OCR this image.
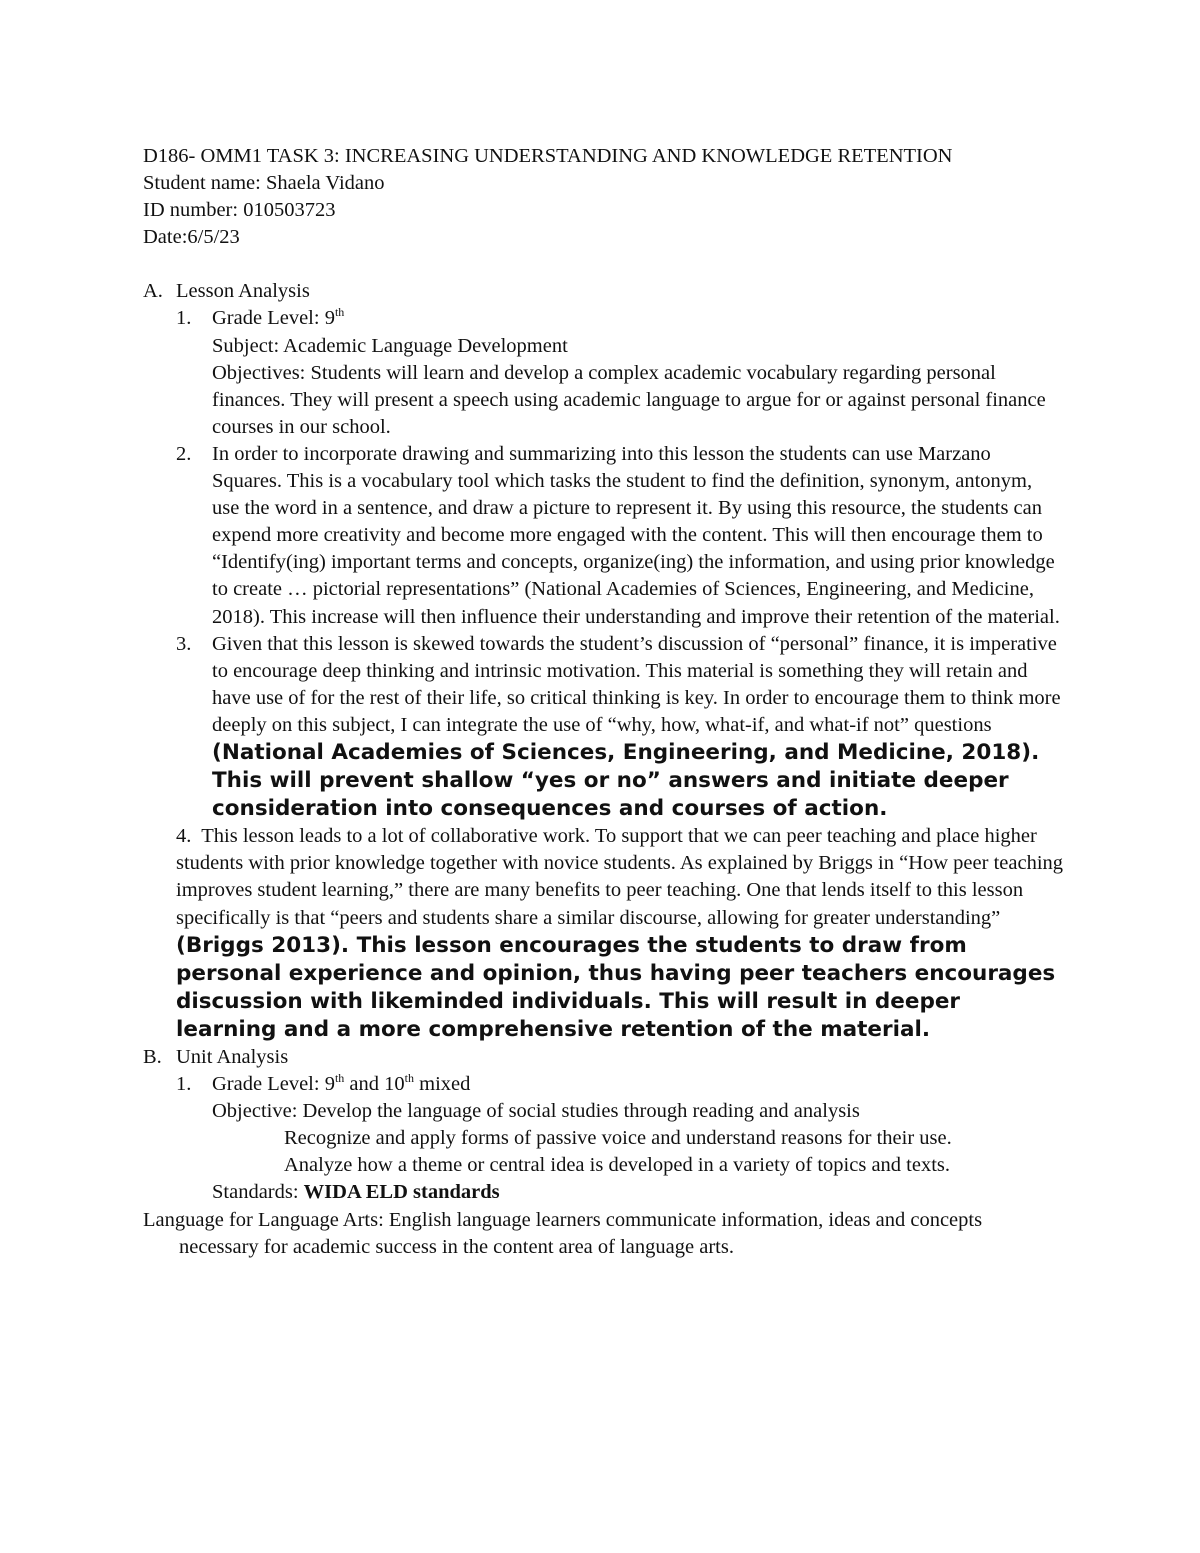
D186- OMM1 TASK 3: INCREASING UNDERSTANDING AND KNOWLEDGE RETENTION

Student name: Shaela Vidano

ID number: 010503723

Date:6/5/23

A. Lesson Analysis
1. Grade Level: 9th

Subject: Academic Language Development

Objectives: Students will learn and develop a complex academic vocabulary regarding personal finances. They will present a speech using academic language to argue for or against personal finance courses in our school.

2. In order to incorporate drawing and summarizing into this lesson the students can use Marzano Squares. This is a vocabulary tool which tasks the student to find the definition, synonym, antonym, use the word in a sentence, and draw a picture to represent it. By using this resource, the students can expend more creativity and become more engaged with the content. This will then encourage them to “Identify(ing) important terms and concepts, organize(ing) the information, and using prior knowledge to create … pictorial representations” (National Academies of Sciences, Engineering, and Medicine, 2018). This increase will then influence their understanding and improve their retention of the material.

3. Given that this lesson is skewed towards the student’s discussion of “personal” finance, it is imperative to encourage deep thinking and intrinsic motivation. This material is something they will retain and have use of for the rest of their life, so critical thinking is key. In order to encourage them to think more deeply on this subject, I can integrate the use of “why, how, what-if, and what-if not” questions (National Academies of Sciences, Engineering, and Medicine, 2018). This will prevent shallow “yes or no” answers and initiate deeper consideration into consequences and courses of action.

4. This lesson leads to a lot of collaborative work. To support that we can peer teaching and place higher students with prior knowledge together with novice students. As explained by Briggs in “How peer teaching improves student learning,” there are many benefits to peer teaching. One that lends itself to this lesson specifically is that “peers and students share a similar discourse, allowing for greater understanding” (Briggs 2013). This lesson encourages the students to draw from personal experience and opinion, thus having peer teachers encourages discussion with likeminded individuals. This will result in deeper learning and a more comprehensive retention of the material.

B. Unit Analysis
1. Grade Level: 9th and 10th mixed

Objective: Develop the language of social studies through reading and analysis

Recognize and apply forms of passive voice and understand reasons for their use.

Analyze how a theme or central idea is developed in a variety of topics and texts.

Standards: WIDA ELD standards

Language for Language Arts: English language learners communicate information, ideas and concepts necessary for academic success in the content area of language arts.
